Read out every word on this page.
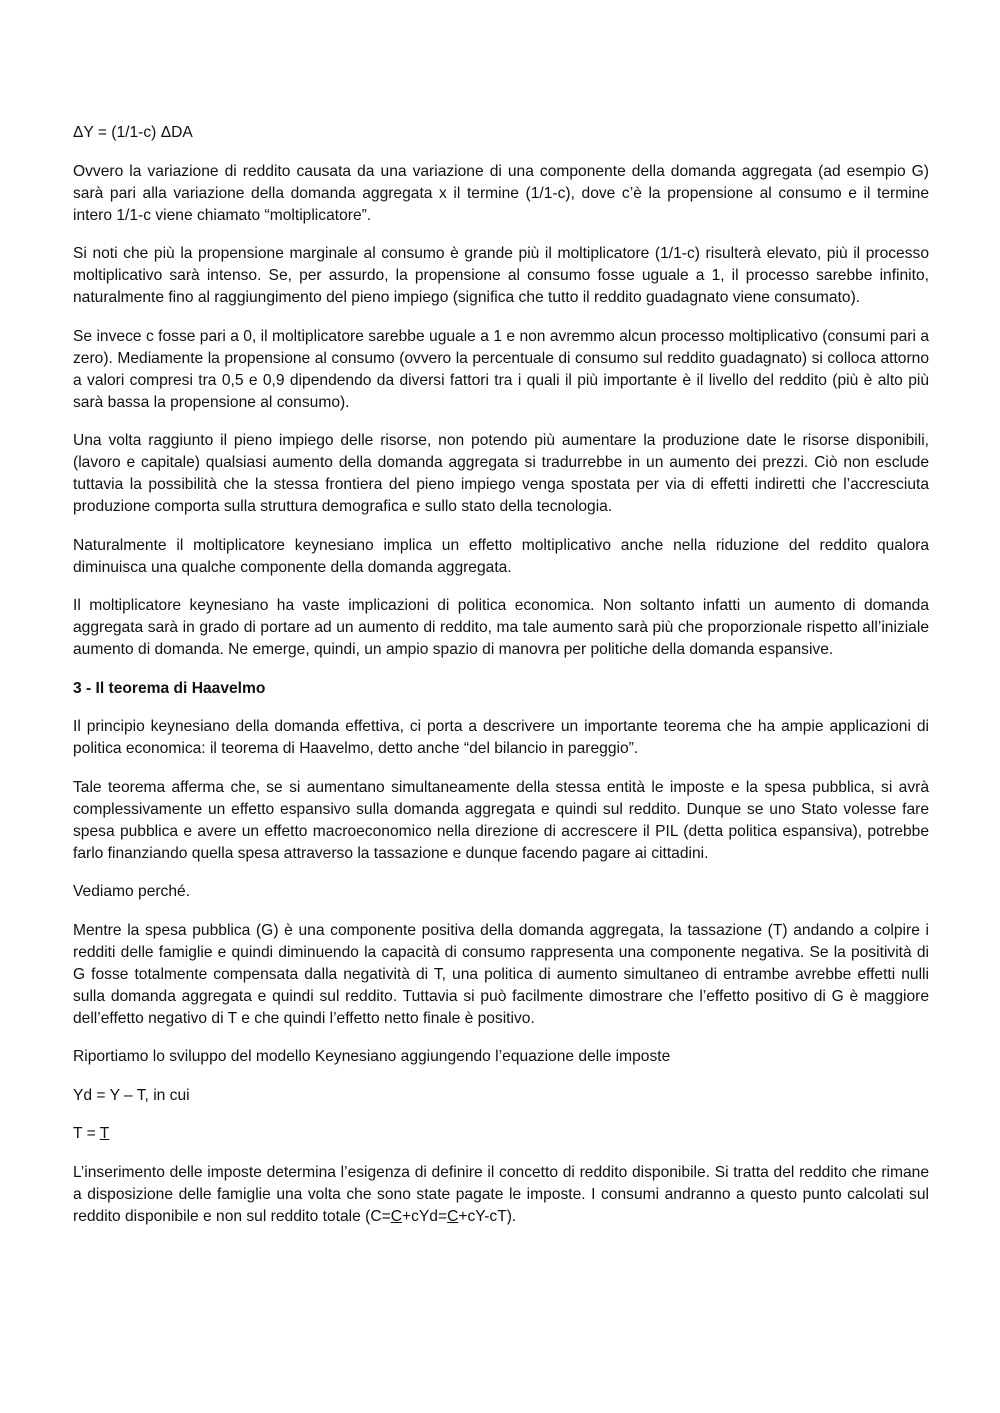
ΔY = (1/1-c) ΔDA

Ovvero la variazione di reddito causata da una variazione di una componente della domanda aggregata (ad esempio G) sarà pari alla variazione della domanda aggregata x il termine (1/1-c), dove c’è la propensione al consumo e il termine intero 1/1-c viene chiamato “moltiplicatore”.

Si noti che più la propensione marginale al consumo è grande più il moltiplicatore (1/1-c) risulterà elevato, più il processo moltiplicativo sarà intenso. Se, per assurdo, la propensione al consumo fosse uguale a 1, il processo sarebbe infinito, naturalmente fino al raggiungimento del pieno impiego (significa che tutto il reddito guadagnato viene consumato).

Se invece c fosse pari a 0, il moltiplicatore sarebbe uguale a 1 e non avremmo alcun processo moltiplicativo (consumi pari a zero). Mediamente la propensione al consumo (ovvero la percentuale di consumo sul reddito guadagnato) si colloca attorno a valori compresi tra 0,5 e 0,9 dipendendo da diversi fattori tra i quali il più importante è il livello del reddito (più è alto più sarà bassa la propensione al consumo).

Una volta raggiunto il pieno impiego delle risorse, non potendo più aumentare la produzione date le risorse disponibili, (lavoro e capitale) qualsiasi aumento della domanda aggregata si tradurrebbe in un aumento dei prezzi. Ciò non esclude tuttavia la possibilità che la stessa frontiera del pieno impiego venga spostata per via di effetti indiretti che l’accresciuta produzione comporta sulla struttura demografica e sullo stato della tecnologia.

Naturalmente il moltiplicatore keynesiano implica un effetto moltiplicativo anche nella riduzione del reddito qualora diminuisca una qualche componente della domanda aggregata.

Il moltiplicatore keynesiano ha vaste implicazioni di politica economica. Non soltanto infatti un aumento di domanda aggregata sarà in grado di portare ad un aumento di reddito, ma tale aumento sarà più che proporzionale rispetto all’iniziale aumento di domanda. Ne emerge, quindi, un ampio spazio di manovra per politiche della domanda espansive.

3 - Il teorema di Haavelmo

Il principio keynesiano della domanda effettiva, ci porta a descrivere un importante teorema che ha ampie applicazioni di politica economica: il teorema di Haavelmo, detto anche “del bilancio in pareggio”.

Tale teorema afferma che, se si aumentano simultaneamente della stessa entità le imposte e la spesa pubblica, si avrà complessivamente un effetto espansivo sulla domanda aggregata e quindi sul reddito. Dunque se uno Stato volesse fare spesa pubblica e avere un effetto macroeconomico nella direzione di accrescere il PIL (detta politica espansiva), potrebbe farlo finanziando quella spesa attraverso la tassazione e dunque facendo pagare ai cittadini.

Vediamo perché.

Mentre la spesa pubblica (G) è una componente positiva della domanda aggregata, la tassazione (T) andando a colpire i redditi delle famiglie e quindi diminuendo la capacità di consumo rappresenta una componente negativa. Se la positività di G fosse totalmente compensata dalla negatività di T, una politica di aumento simultaneo di entrambe avrebbe effetti nulli sulla domanda aggregata e quindi sul reddito. Tuttavia si può facilmente dimostrare che l’effetto positivo di G è maggiore dell’effetto negativo di T e che quindi l’effetto netto finale è positivo.

Riportiamo lo sviluppo del modello Keynesiano aggiungendo l’equazione delle imposte

Yd = Y – T, in cui

T = T

L’inserimento delle imposte determina l’esigenza di definire il concetto di reddito disponibile. Si tratta del reddito che rimane a disposizione delle famiglie una volta che sono state pagate le imposte. I consumi andranno a questo punto calcolati sul reddito disponibile e non sul reddito totale (C=C+cYd=C+cY-cT).
